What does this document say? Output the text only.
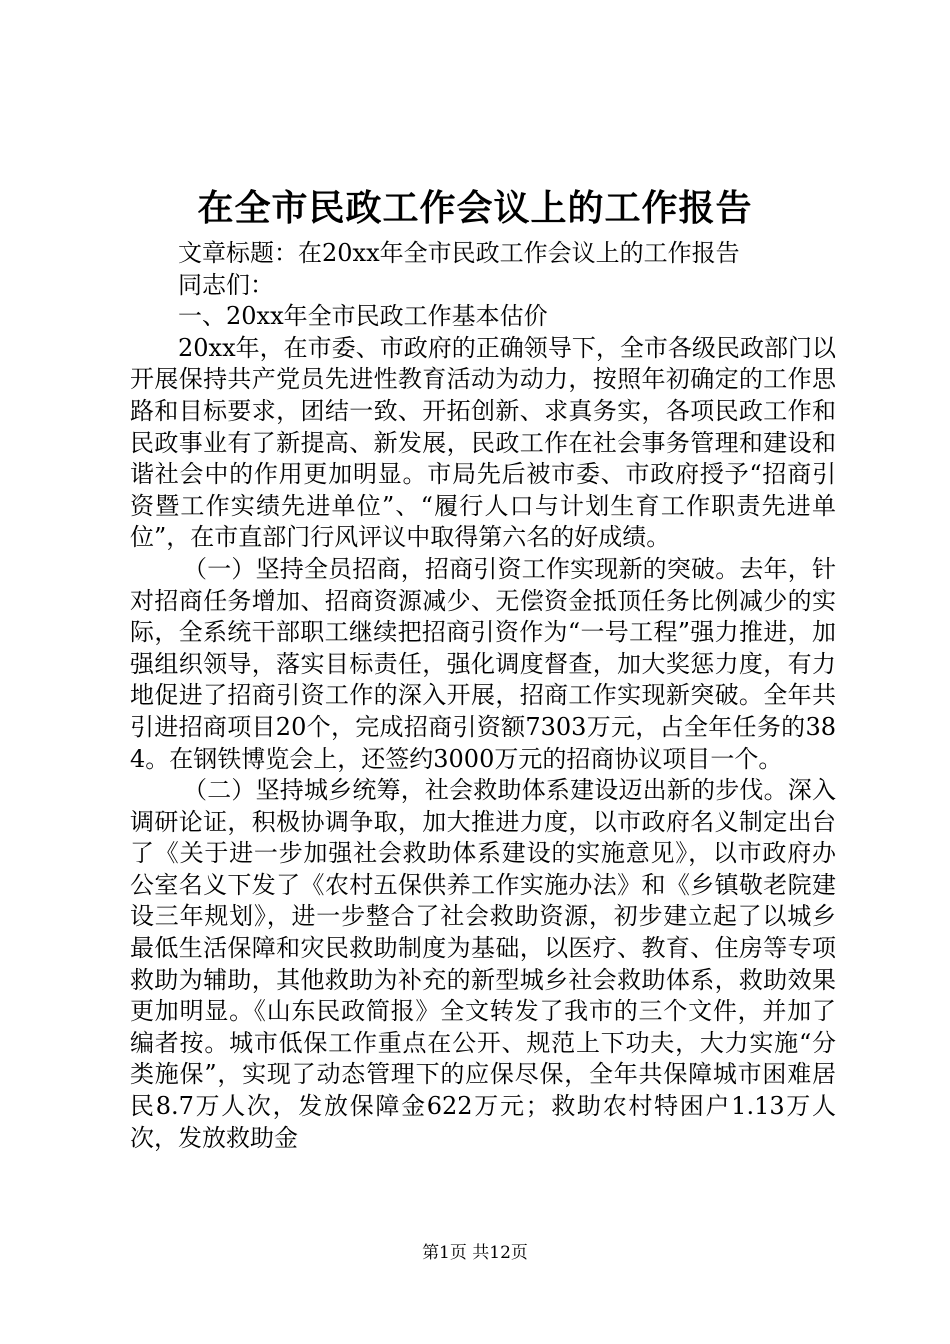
在全市民政工作会议上的工作报告

文章标题：在20xx年全市民政工作会议上的工作报告

同志们：

一、20xx年全市民政工作基本估价

20xx年，在市委、市政府的正确领导下，全市各级民政部门以开展保持共产党员先进性教育活动为动力，按照年初确定的工作思路和目标要求，团结一致、开拓创新、求真务实，各项民政工作和民政事业有了新提高、新发展，民政工作在社会事务管理和建设和谐社会中的作用更加明显。市局先后被市委、市政府授予“招商引资暨工作实绩先进单位”、“履行人口与计划生育工作职责先进单位”，在市直部门行风评议中取得第六名的好成绩。

（一）坚持全员招商，招商引资工作实现新的突破。去年，针对招商任务增加、招商资源减少、无偿资金抵顶任务比例减少的实际，全系统干部职工继续把招商引资作为“一号工程”强力推进，加强组织领导，落实目标责任，强化调度督查，加大奖惩力度，有力地促进了招商引资工作的深入开展，招商工作实现新突破。全年共引进招商项目20个，完成招商引资额7303万元，占全年任务的384。在钢铁博览会上，还签约3000万元的招商协议项目一个。

（二）坚持城乡统筹，社会救助体系建设迈出新的步伐。深入调研论证，积极协调争取，加大推进力度，以市政府名义制定出台了《关于进一步加强社会救助体系建设的实施意见》，以市政府办公室名义下发了《农村五保供养工作实施办法》和《乡镇敬老院建设三年规划》，进一步整合了社会救助资源，初步建立起了以城乡最低生活保障和灾民救助制度为基础，以医疗、教育、住房等专项救助为辅助，其他救助为补充的新型城乡社会救助体系，救助效果更加明显。《山东民政简报》全文转发了我市的三个文件，并加了编者按。城市低保工作重点在公开、规范上下功夫，大力实施“分类施保”，实现了动态管理下的应保尽保，全年共保障城市困难居民8.7万人次，发放保障金622万元；救助农村特困户1.13万人次，发放救助金

第1页 共12页
